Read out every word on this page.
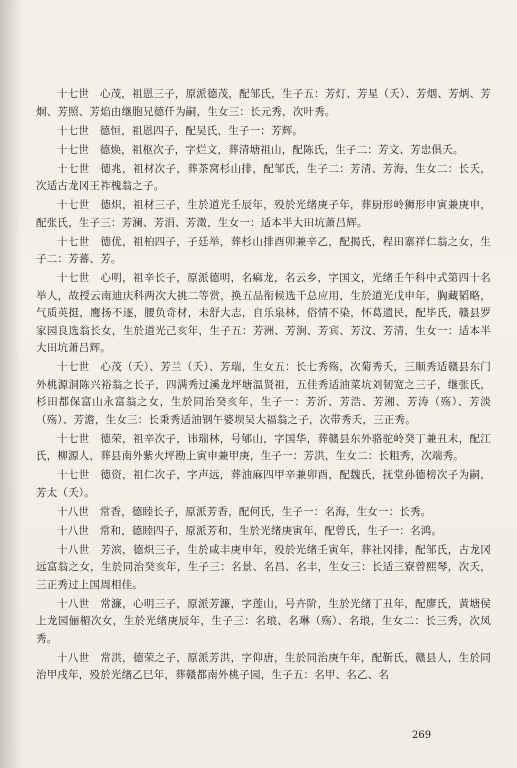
十七世　心茂，祖恩三子，原派德茂，配邹氏，生子五：芳灯、芳星（夭）、芳烟、芳炳、芳炯、芳照、芳焰由继胞兄德仟为嗣，生女三：长元秀，次叶秀。

十七世　德恒，祖恩四子，配吴氏，生子一：芳辉。

十七世　德焕，祖枢次子，字烂文，葬清塘祖山，配陈氏，生子二：芳文、芳忠俱夭。

十七世　德兆，祖材次子，葬茶窝杉山排，配邹氏，生子二：芳清、芳海，生女二：长夭，次适古龙冈王祚槐翁之子。

十七世　德炽，祖材三子，生於道光壬辰年，殁於光绪庚子年，葬厨形岭狮形申寅兼庚申，配张氏，生子三：芳澜、芳涓、芳澂，生女一：适本半大田坑萧吕辉。

十七世　德优，祖柏四子，子廷举，葬杉山排酉卯兼辛乙，配揭氏，程田寨祥仁翁之女，生子二：芳蕃、芳。

十七世　心明，祖辛长子，原派德明，名痲龙，名云乡，字国文，光绪壬午科中式第四十名举人，故授云南迪庆科两次大挑二等赏，换五品衔候选千总应用，生於道光戊申年，胸藏韬略，气质英挺，鹰扬不逐，腰负奇材，未舒大志，自乐泉林，俗情不染，怀葛遗民，配毕氏，赣县罗家园良选翁长女，生於道光己亥年，生子五：芳洲、芳涧、芳宾、芳汶、芳清，生女一：适本半大田坑萧吕辉。

十七世　心茂（夭）、芳兰（夭）、芳瑞，生女五：长七秀殇，次菊秀夭，三顺秀适赣县东门外桃源洞陈兴裕翁之长子，四满秀过溪龙坪塘温贤祖，五佳秀适油菜坑刘韧宽之三子，继张氏，杉田都保富山永富翁之女，生於同治癸亥年，生子一：芳沂、芳浩、芳湘、芳涛（殇）、芳淡（殇）、芳澹，生女三：长秉秀适油钢午婆坝吴大福翁之子，次带秀夭，三正秀。

十七世　德荣，祖辛次子，讳瑞林，号郇山，字国华，葬赣县东外骆驼岭癸丁兼丑末，配江氏，柳源人，葬县南外紫火坪勘上寅申兼甲庚，生子一：芳洪，生女二：长粗秀，次端秀。

十七世　德资，祖仁次子，字声远，葬油麻四甲辛兼卯酉，配魏氏，抚堂孙德榜次子为嗣，芳太（夭）。

十八世　常香，德睦长子，原派芳香，配何氏，生子一：名海，生女一：长秀。

十八世　常和，德睦四子，原派芳和，生於光绪庚寅年，配曾氏，生子一：名鸿。

十八世　芳滨，德炽三子，生於咸丰庚申年，殁於光绪壬寅年，葬社冈排，配邹氏，古龙冈远富翁之女，生於同治癸亥年，生子三：名景、名昌、名丰，生女三：长适三寮曾熙琴，次夭，三正秀过上国周相佳。

十八世　常濂，心明三子，原派芳濂，字莲山，号卉阶，生於光绪丁丑年，配廖氏，黄塘侯上龙园俪楣次女，生於光绪庚辰年，生子三：名琅、名琳（殇）、名琅，生女二：长三秀，次凤秀。

十八世　常洪，德荣之子，原派芳洪，字仰唐，生於同治庚午年，配靳氏，赣县人，生於同治甲戌年，殁於光绪乙巳年，葬赣都南外桃子园，生子五：名甲、名乙、名

269
